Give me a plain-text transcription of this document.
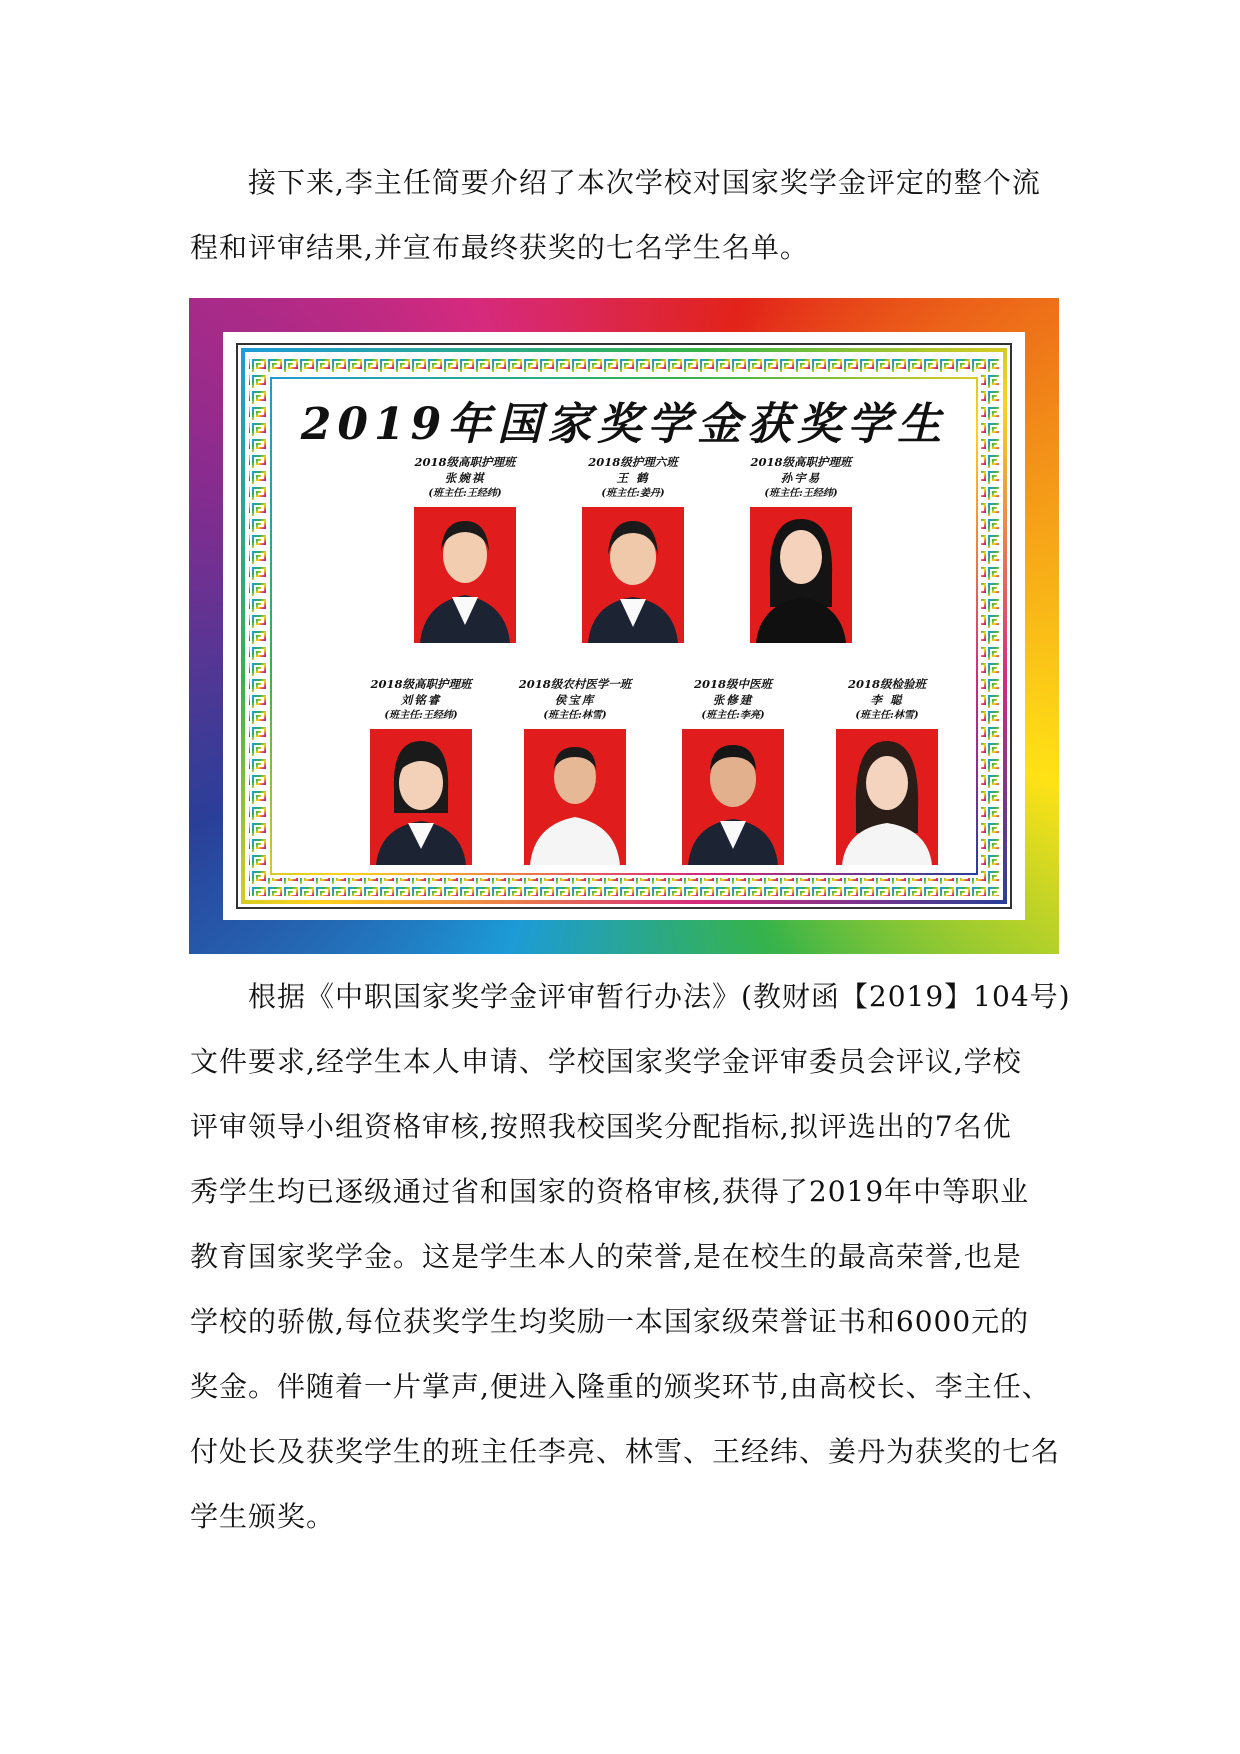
接下来,李主任简要介绍了本次学校对国家奖学金评定的整个流
程和评审结果,并宣布最终获奖的七名学生名单。
2019年国家奖学金获奖学生
2018级高职护理班
张婉祺
(班主任:王经纬)
2018级护理六班
王 鹤
(班主任:姜丹)
2018级高职护理班
孙宇易
(班主任:王经纬)
2018级高职护理班
刘铭睿
(班主任:王经纬)
2018级农村医学一班
侯宝库
(班主任:林雪)
2018级中医班
张修建
(班主任:李亮)
2018级检验班
李 聪
(班主任:林雪)
根据《中职国家奖学金评审暂行办法》(教财函【2019】104号)
文件要求,经学生本人申请、学校国家奖学金评审委员会评议,学校
评审领导小组资格审核,按照我校国奖分配指标,拟评选出的7名优
秀学生均已逐级通过省和国家的资格审核,获得了2019年中等职业
教育国家奖学金。这是学生本人的荣誉,是在校生的最高荣誉,也是
学校的骄傲,每位获奖学生均奖励一本国家级荣誉证书和6000元的
奖金。伴随着一片掌声,便进入隆重的颁奖环节,由高校长、李主任、
付处长及获奖学生的班主任李亮、林雪、王经纬、姜丹为获奖的七名
学生颁奖。
